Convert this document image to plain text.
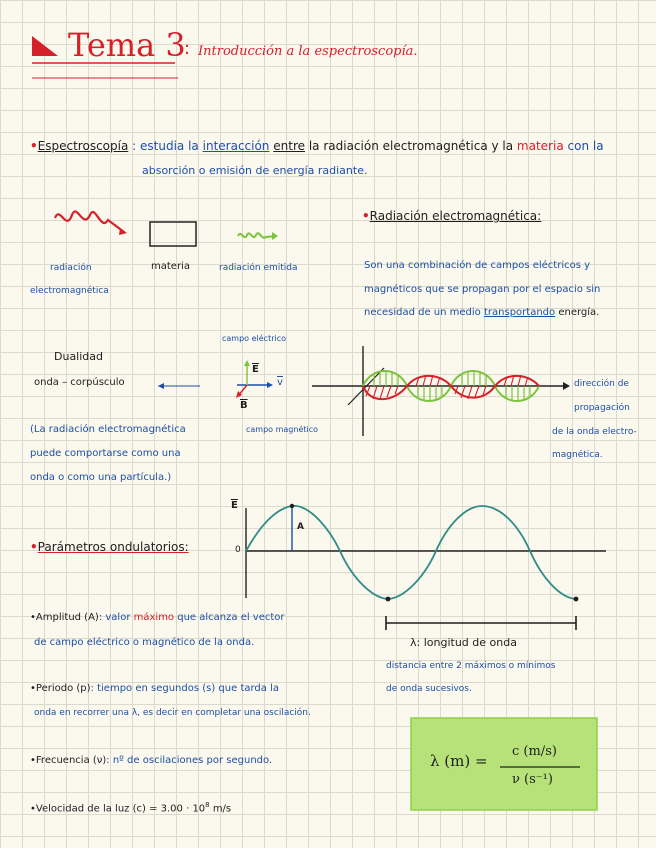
Tema 3
: Introducción a la espectroscopía.
•Espectroscopía : estudia la interacción entre la radiación electromagnética y la materia con la
absorción o emisión de energía radiante.
radiación
electromagnética
materia	radiación emitida
•Radiación electromagnética:
Son una combinación de campos eléctricos y
magnéticos que se propagan por el espacio sin
necesidad de un medio transportando energía.
Dualidad
onda – corpúsculo
(La radiación electromagnética
puede comportarse como una
onda o como una partícula.)
campo eléctrico
campo magnético
$\overline{E}$
$\overline{B}$
$\overline{v}$	dirección de
propagación
de la onda electro-
magnética.
•Parámetros ondulatorios:
$\overline{E}$
0
A
λ: longitud de onda
distancia entre 2 máximos o mínimos
de onda sucesivos.
•Amplitud (A): valor máximo que alcanza el vector
de campo eléctrico o magnético de la onda.
•Periodo (p): tiempo en segundos (s) que tarda la
onda en recorrer una λ, es decir en completar una oscilación.
•Frecuencia (ν): nº de oscilaciones por segundo.
•Velocidad de la luz $(c) = 3.00 \cdot 10^8$ m/s
λ (m) =
c (m/s)
ν (s⁻¹)
